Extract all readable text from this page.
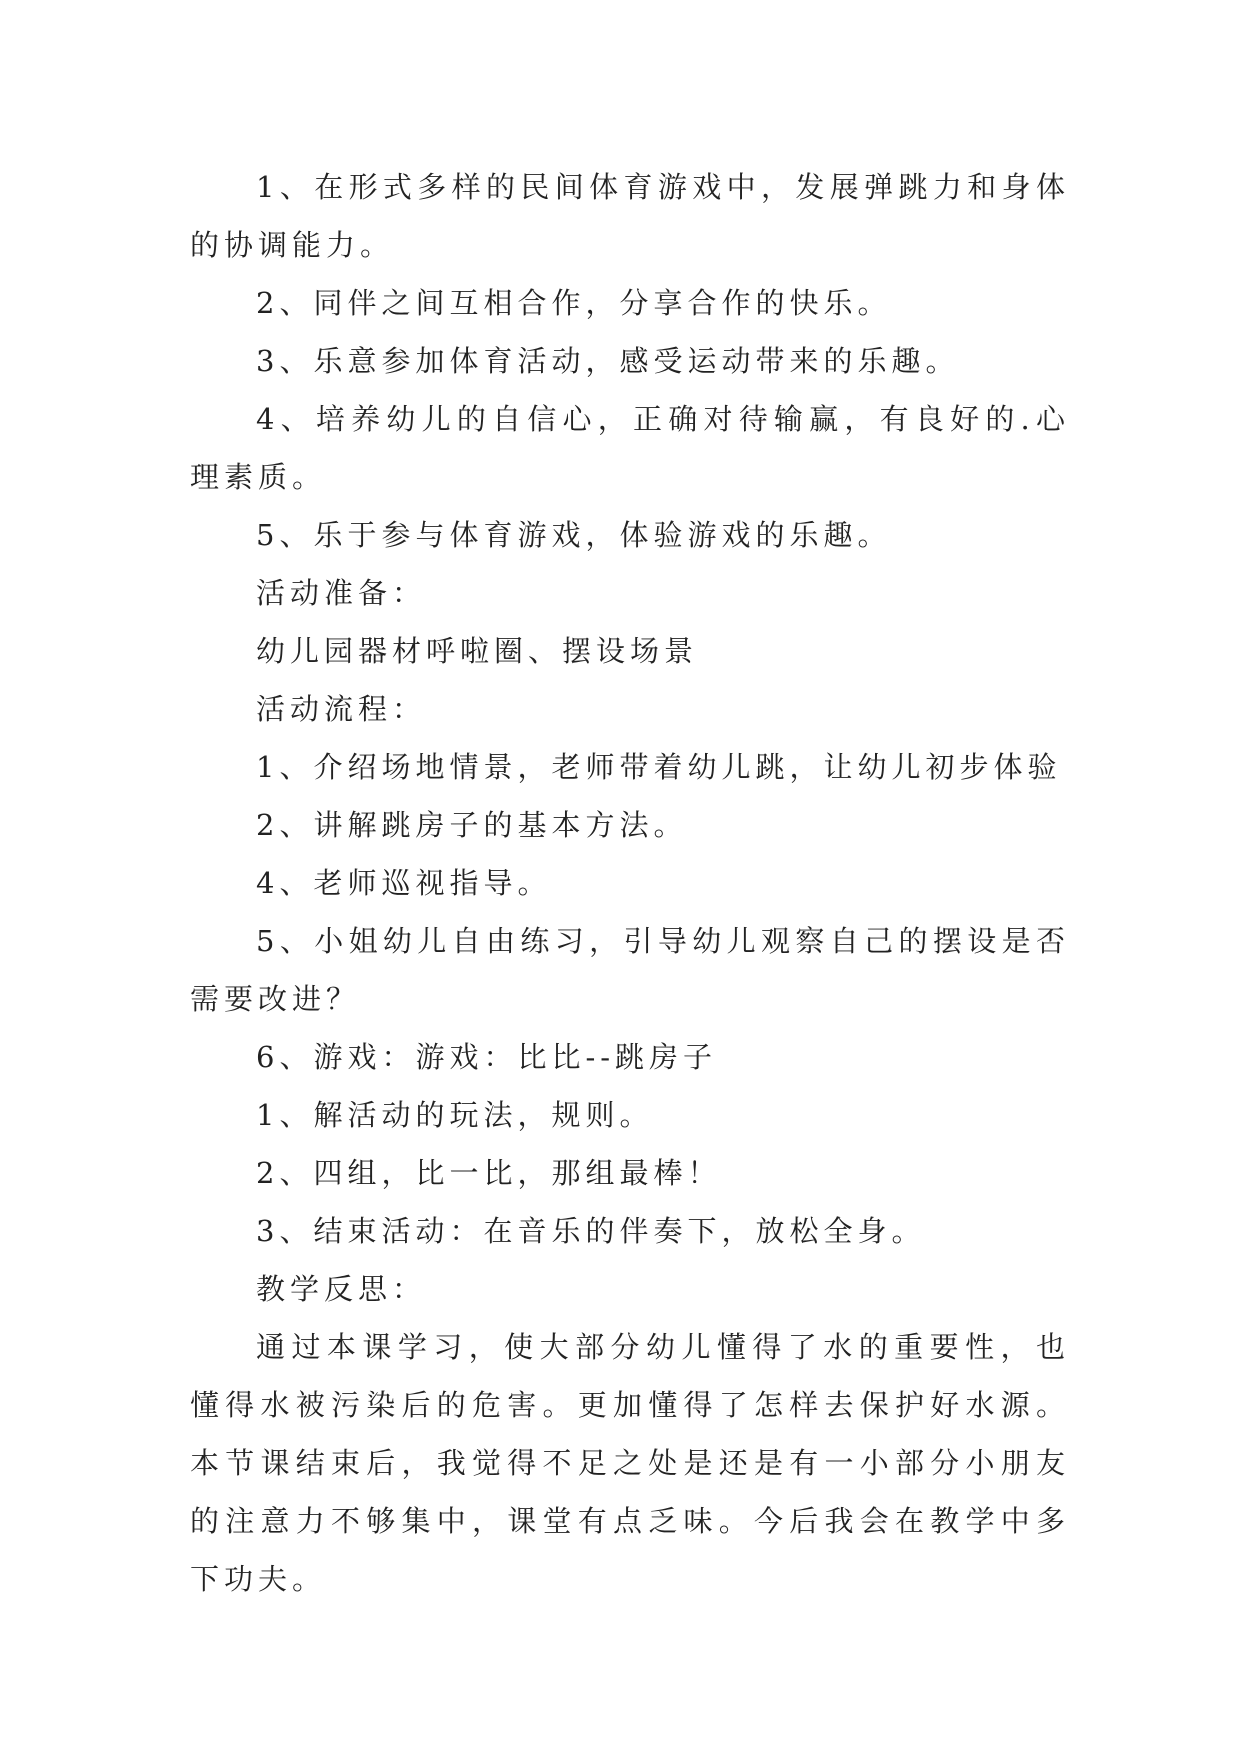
1、在形式多样的民间体育游戏中，发展弹跳力和身体的协调能力。

2、同伴之间互相合作，分享合作的快乐。

3、乐意参加体育活动，感受运动带来的乐趣。

4、培养幼儿的自信心，正确对待输赢，有良好的.心理素质。

5、乐于参与体育游戏，体验游戏的乐趣。

活动准备：

幼儿园器材呼啦圈、摆设场景

活动流程：

1、介绍场地情景，老师带着幼儿跳，让幼儿初步体验

2、讲解跳房子的基本方法。

4、老师巡视指导。

5、小姐幼儿自由练习，引导幼儿观察自己的摆设是否需要改进？

6、游戏：游戏：比比--跳房子

1、解活动的玩法，规则。

2、四组，比一比，那组最棒！

3、结束活动：在音乐的伴奏下，放松全身。

教学反思：

通过本课学习，使大部分幼儿懂得了水的重要性，也懂得水被污染后的危害。更加懂得了怎样去保护好水源。本节课结束后，我觉得不足之处是还是有一小部分小朋友的注意力不够集中，课堂有点乏味。今后我会在教学中多下功夫。
